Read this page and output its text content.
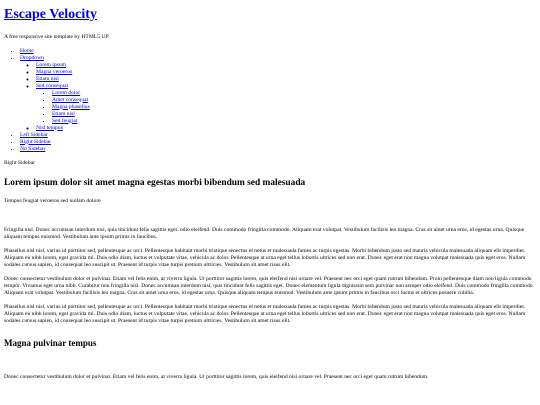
Escape Velocity

A free responsive site template by HTML5 UP

• Home
• Dropdown
◦ Lorem ipsum
◦ Magna veroeros
◦ Etiam nisl
◦ Sed consequat
▪ Lorem dolor
▪ Amet consequat
▪ Magna phasellus
▪ Etiam nisl
▪ Sed feugiat
◦ Nisl tempus
• Left Sidebar
• Right Sidebar
• No Sidebar
Right Sidebar
Lorem ipsum dolor sit amet magna egestas morbi bibendum sed malesuada

Tempus feugiat veroeros sed nullam dolore

Fringilla nisl. Donec accumsan interdum nisi, quis tincidunt felis sagittis eget. odio eleifend. Duis commodo fringilla commodo. Aliquam erat volutpat. Vestibulum facilisis leo magna. Cras sit amet urna eros, id egestas urna. Quisque aliquam tempus euismod. Vestibulum ante ipsum primis in faucibus.

Phasellus nisl nisl, varius id porttitor sed, pellentesque ac orci. Pellentesque habitant morbi tristique senectus et netus et malesuada fames ac turpis egestas. Morbi bibendum justo sed mauris vehicula malesuada aliquam elit imperdiet. Aliquam eu nibh lorem, eget gravida mi. Duis odio diam, luctus et vulputate vitae, vehicula ac dolor. Pellentesque at urna eget tellus lobortis ultrices sed non erat. Donec eget erat non magna volutpat malesuada quis eget eros. Nullam sodales cursus sapien, id consequat leo suscipit ut. Praesent id turpis vitae turpis pretium ultricies. Vestibulum sit amet risus elit.

Donec consectetur vestibulum dolor et pulvinar. Etiam vel felis enim, at viverra ligula. Ut porttitor sagittis lorem, quis eleifend nisi ornare vel. Praesent nec orci eget quam rutrum bibendum. Proin pellentesque diam non ligula commodo tempor. Vivamus eget urna nibh. Curabitur non fringilla nisl. Donec accumsan interdum nisi, quis tincidunt felis sagittis eget. Donec elementum ligula dignissim sem pulvinar non semper odio eleifend. Duis commodo fringilla commodo. Aliquam erat volutpat. Vestibulum facilisis leo magna. Cras sit amet urna eros, id egestas urna. Quisque aliquam tempus euismod. Vestibulum ante ipsum primis in faucibus orci luctus et ultrices posuere cubilia.

Phasellus nisl nisl, varius id porttitor sed, pellentesque ac orci. Pellentesque habitant morbi tristique senectus et netus et malesuada fames ac turpis egestas. Morbi bibendum justo sed mauris vehicula malesuada aliquam elit imperdiet. Aliquam eu nibh lorem, eget gravida mi. Duis odio diam, luctus et vulputate vitae, vehicula ac dolor. Pellentesque at urna eget tellus lobortis ultrices sed non erat. Donec eget erat non magna volutpat malesuada quis eget eros. Nullam sodales cursus sapien, id consequat leo suscipit ut. Praesent id turpis vitae turpis pretium ultricies. Vestibulum sit amet risus elit.

Magna pulvinar tempus

Donec consectetur vestibulum dolor et pulvinar. Etiam vel felis enim, at viverra ligula. Ut porttitor sagittis lorem, quis eleifend nisi ornare vel. Praesent nec orci eget quam rutrum bibendum.
